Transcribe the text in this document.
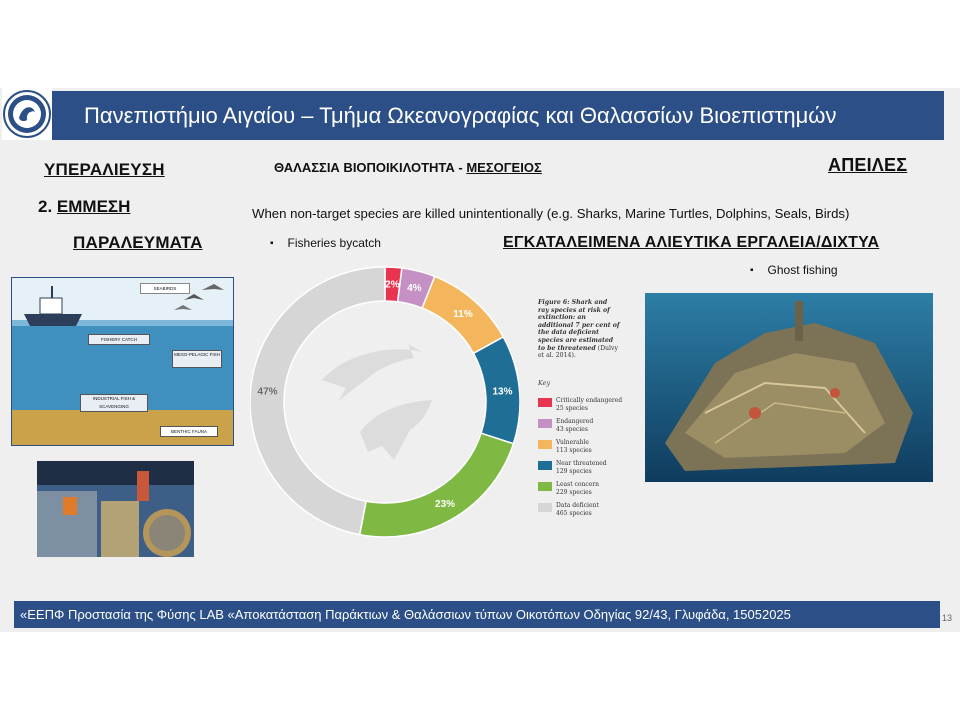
Πανεπιστήμιο Αιγαίου – Τμήμα Ωκεανογραφίας και Θαλασσίων Βιοεπιστημών
ΥΠΕΡΑΛΙΕΥΣΗ
2. ΕΜΜΕΣΗ
ΠΑΡΑΛΕΥΜΑΤΑ
ΘΑΛΑΣΣΙΑ ΒΙΟΠΟΙΚΙΛΟΤΗΤΑ - ΜΕΣΟΓΕΙΟΣ	ΑΠΕΙΛΕΣ
When non-target species are killed unintentionally (e.g. Sharks, Marine Turtles, Dolphins, Seals, Birds)
▪ Fisheries bycatch	ΕΓΚΑΤΑΛΕΙΜΕΝΑ ΑΛΙΕΥΤΙΚΑ ΕΡΓΑΛΕΙΑ/ΔΙΧΤΥΑ
▪ Ghost fishing
SEABIRDS
FISHERY CATCH
MESO-PELAGIC FISH
INDUSTRIAL FISH & SCAVENGING
BENTHIC FAUNA
2% 4%
11%
13%
23%
47%
Figure 6: Shark and ray species at risk of extinction: an additional 7 per cent of the data deficient species are estimated to be threatened (Dulvy et al. 2014).
Key
Critically endangered
25 species
Endangered
43 species
Vulnerable
113 species
Near threatened
129 species
Least concern
229 species
Data deficient
465 species
«ΕΕΠΦ Προστασία της Φύσης LAB «Αποκατάσταση Παράκτιων & Θαλάσσιων τύπων Οικοτόπων Οδηγίας 92/43, Γλυφάδα, 15052025	13
